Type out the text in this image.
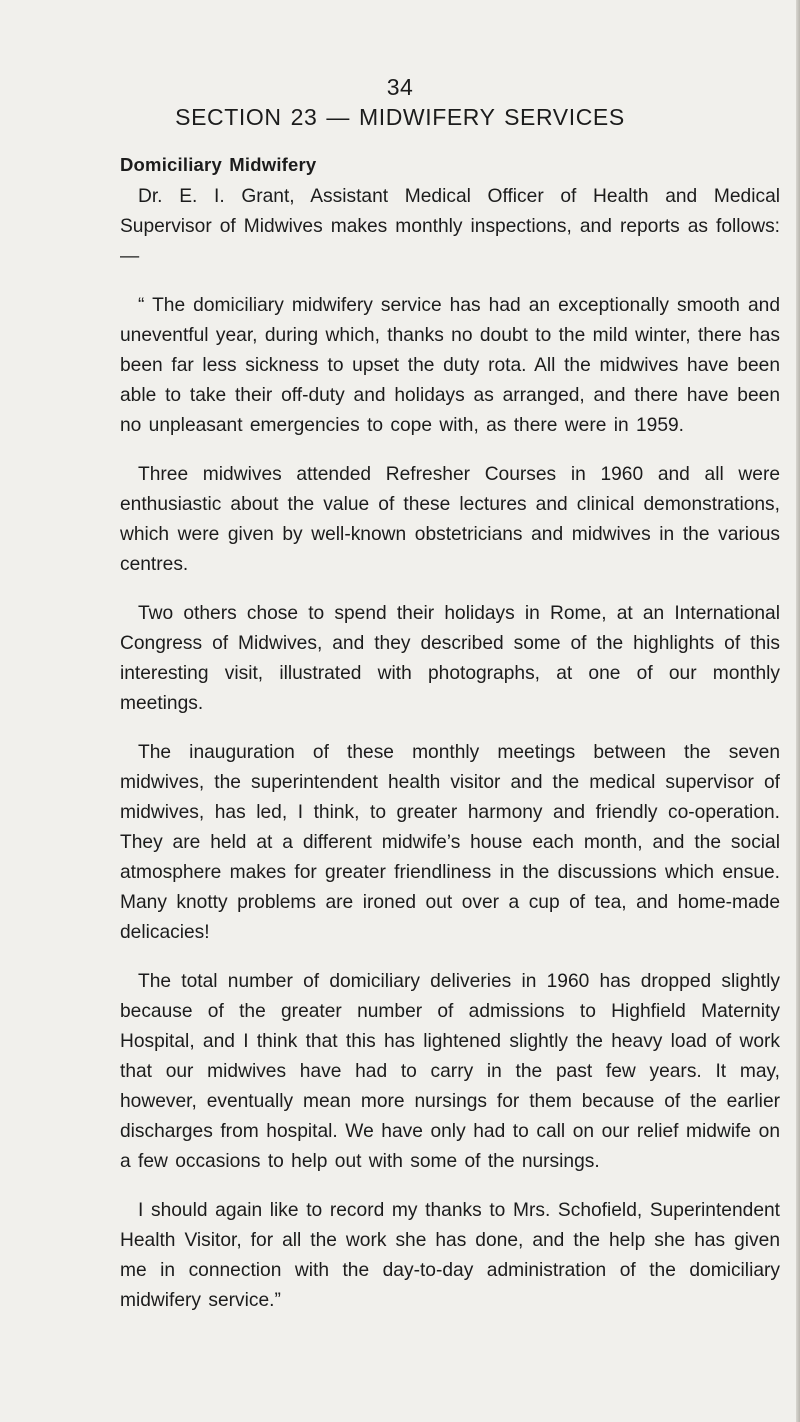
34
SECTION 23 — MIDWIFERY SERVICES
Domiciliary Midwifery

Dr. E. I. Grant, Assistant Medical Officer of Health and Medical Supervisor of Midwives makes monthly inspections, and reports as follows:—

“ The domiciliary midwifery service has had an exceptionally smooth and uneventful year, during which, thanks no doubt to the mild winter, there has been far less sickness to upset the duty rota. All the midwives have been able to take their off-duty and holidays as arranged, and there have been no unpleasant emergencies to cope with, as there were in 1959.

Three midwives attended Refresher Courses in 1960 and all were enthusiastic about the value of these lectures and clinical demonstrations, which were given by well-known obstetricians and midwives in the various centres.

Two others chose to spend their holidays in Rome, at an International Congress of Midwives, and they described some of the highlights of this interesting visit, illustrated with photographs, at one of our monthly meetings.

The inauguration of these monthly meetings between the seven midwives, the superintendent health visitor and the medical supervisor of midwives, has led, I think, to greater harmony and friendly co-operation. They are held at a different midwife’s house each month, and the social atmosphere makes for greater friendliness in the discussions which ensue. Many knotty problems are ironed out over a cup of tea, and home-made delicacies!

The total number of domiciliary deliveries in 1960 has dropped slightly because of the greater number of admissions to Highfield Maternity Hospital, and I think that this has lightened slightly the heavy load of work that our midwives have had to carry in the past few years. It may, however, eventually mean more nursings for them because of the earlier discharges from hospital. We have only had to call on our relief midwife on a few occasions to help out with some of the nursings.

I should again like to record my thanks to Mrs. Schofield, Superintendent Health Visitor, for all the work she has done, and the help she has given me in connection with the day-to-day administration of the domiciliary midwifery service.”
